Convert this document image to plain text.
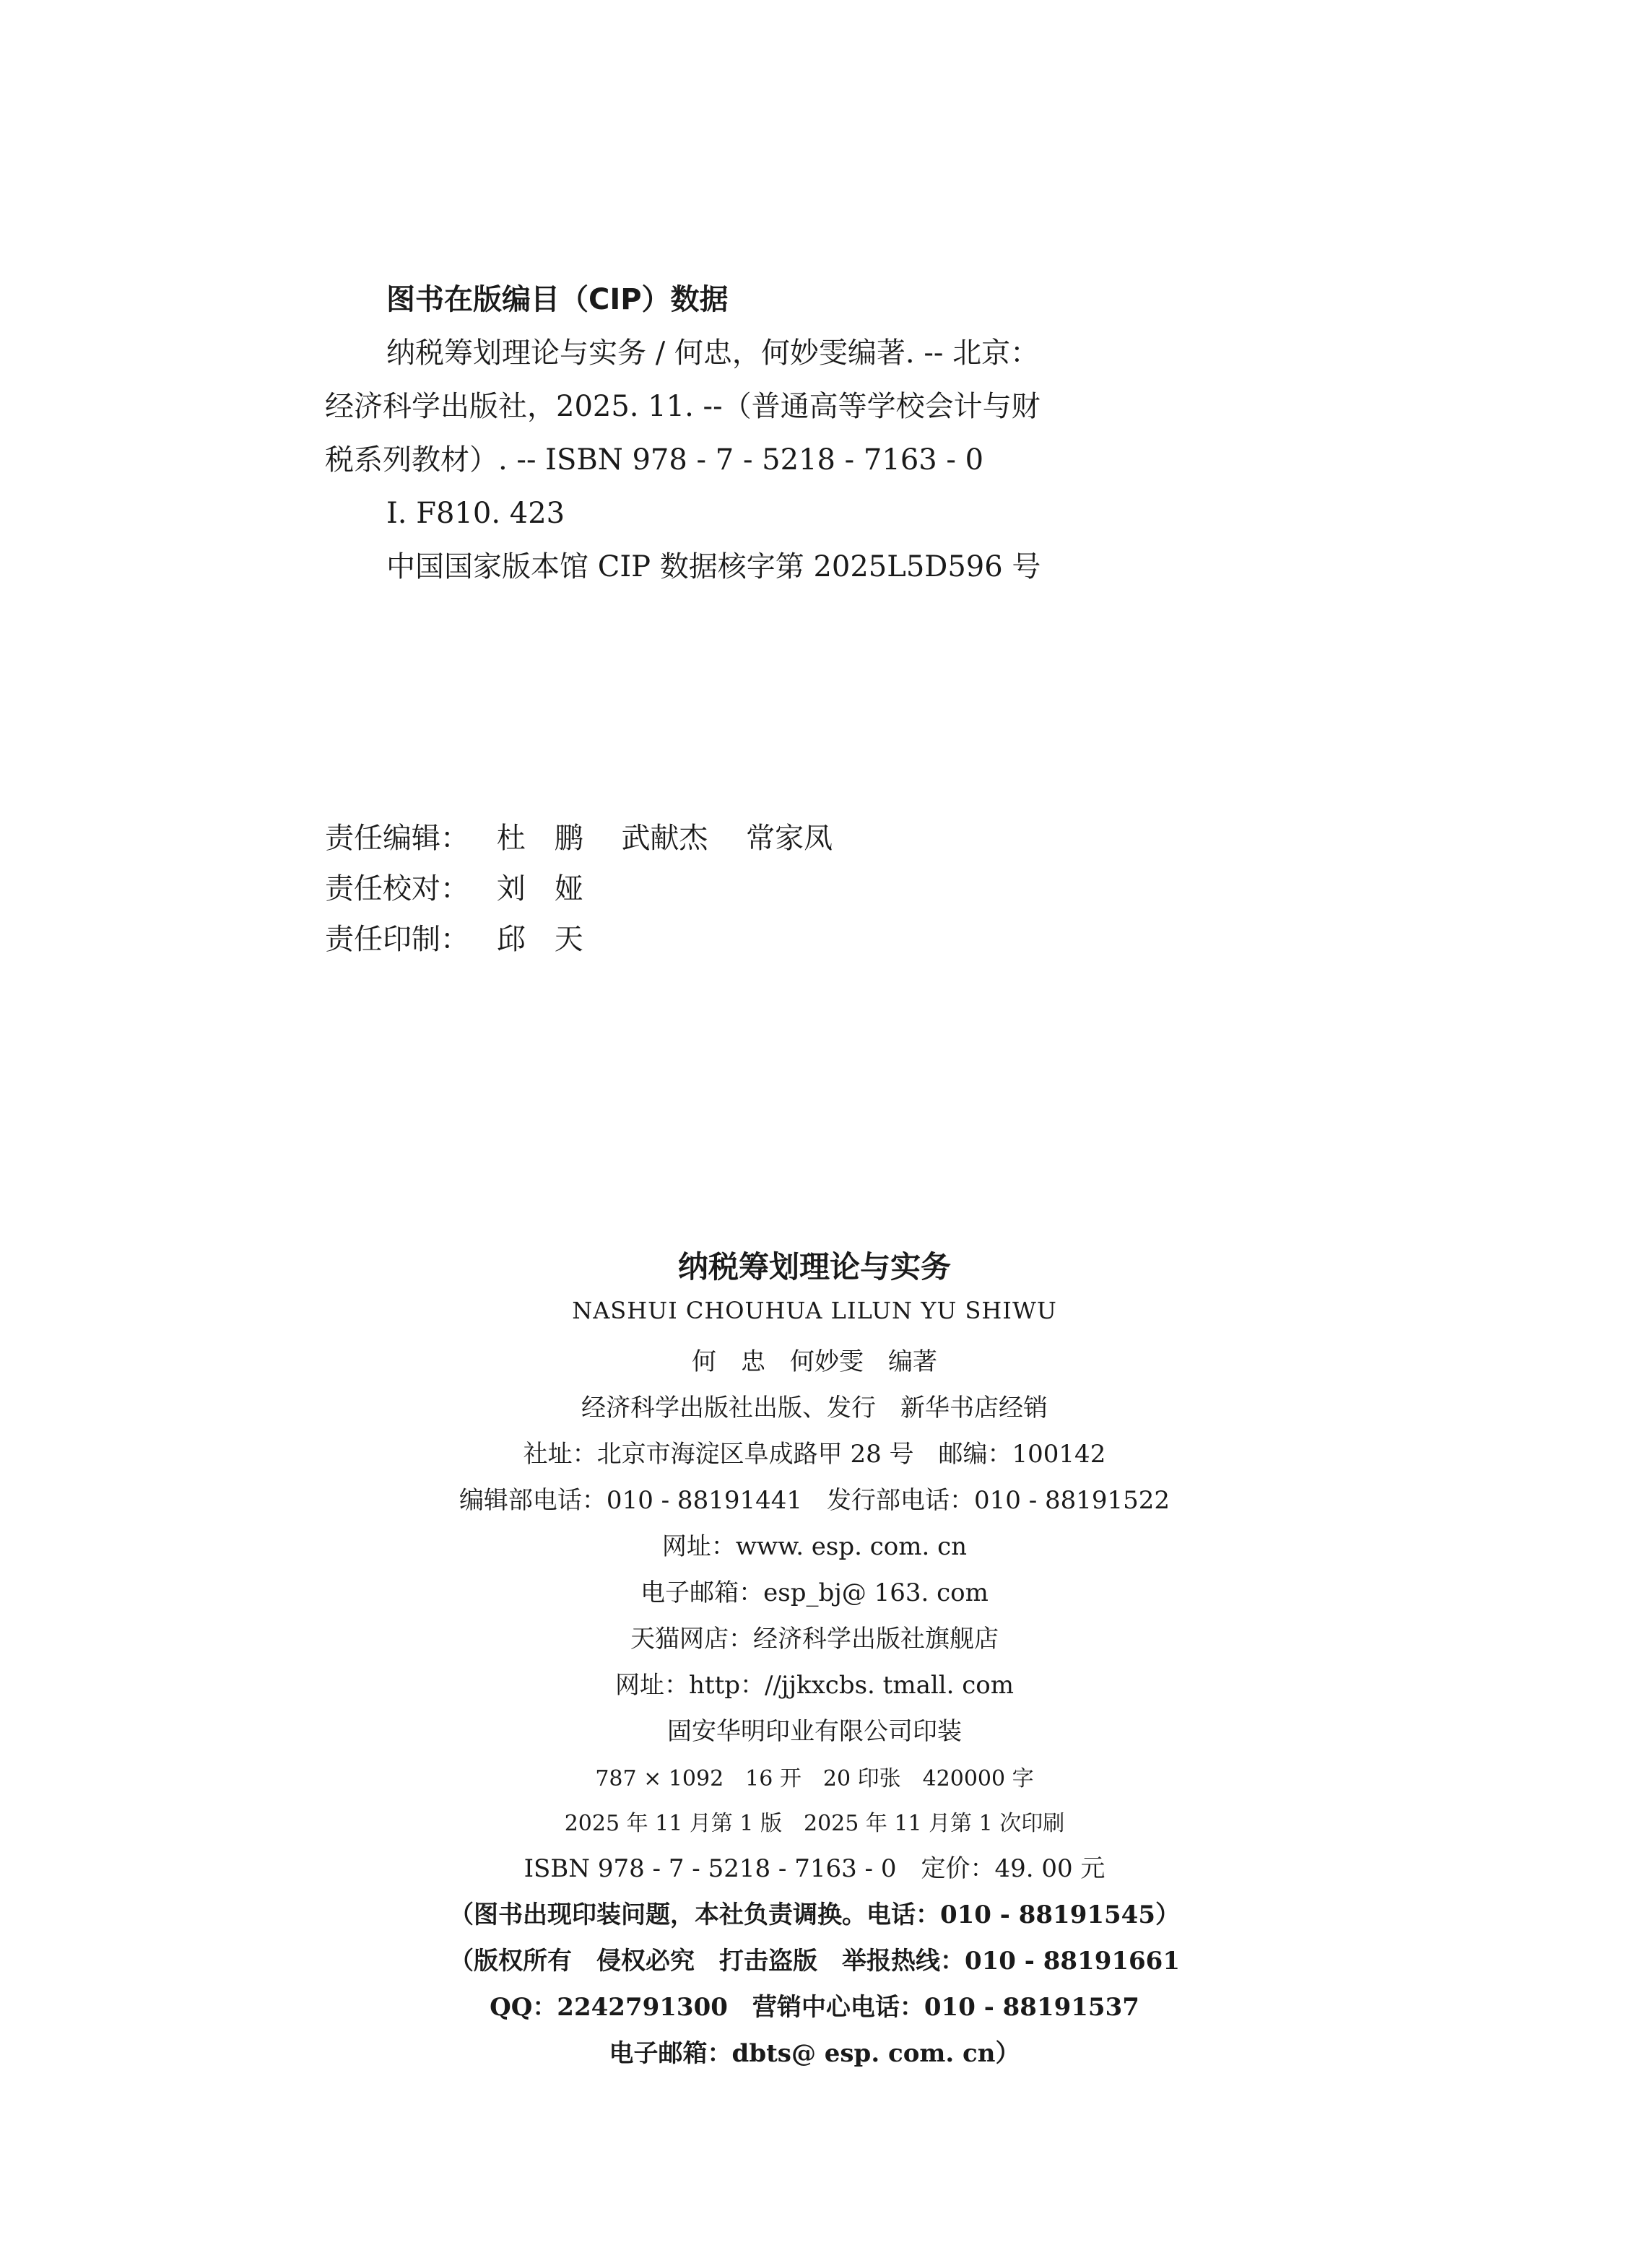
图书在版编目（CIP）数据
纳税筹划理论与实务 / 何忠，何妙雯编著. -- 北京：
经济科学出版社，2025. 11. --（普通高等学校会计与财
税系列教材）. -- ISBN 978 - 7 - 5218 - 7163 - 0
Ⅰ. F810. 423
中国国家版本馆 CIP 数据核字第 2025L5D596 号
责任编辑： 杜　鹏 武献杰 常家凤
责任校对： 刘　娅
责任印制： 邱　天
纳税筹划理论与实务
NASHUI CHOUHUA LILUN YU SHIWU
何　忠　何妙雯　编著
经济科学出版社出版、发行　新华书店经销
社址：北京市海淀区阜成路甲 28 号　邮编：100142
编辑部电话：010 - 88191441　发行部电话：010 - 88191522
网址：www. esp. com. cn
电子邮箱：esp_bj@ 163. com
天猫网店：经济科学出版社旗舰店
网址：http：//jjkxcbs. tmall. com
固安华明印业有限公司印装
787 × 1092　16 开　20 印张　420000 字
2025 年 11 月第 1 版　2025 年 11 月第 1 次印刷
ISBN 978 - 7 - 5218 - 7163 - 0　定价：49. 00 元
（图书出现印装问题，本社负责调换。电话：010 - 88191545）
（版权所有　侵权必究　打击盗版　举报热线：010 - 88191661
QQ：2242791300　营销中心电话：010 - 88191537
电子邮箱：dbts@ esp. com. cn）
